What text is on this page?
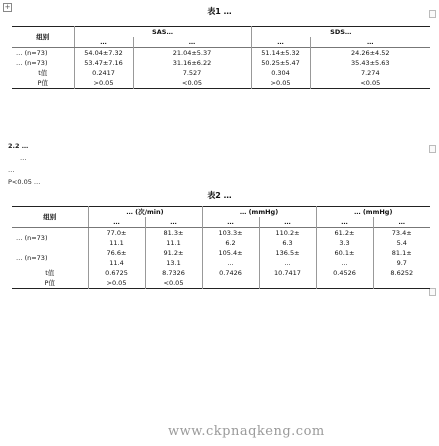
+	表1 …
组别	SAS…		SDS…	
	…	…	…	…
… (n=73)	54.04±7.32	21.04±5.37	51.14±5.32	24.26±4.52
… (n=73)	53.47±7.16	31.16±6.22	50.25±5.47	35.43±5.63
t值	0.2417	7.527	0.304	7.274
P值	>0.05	<0.05	>0.05	<0.05
2.2 …
…
…
P<0.05 …
表2 …
组别	… (次/min)		… (mmHg)		… (mmHg)	
	…	…	…	…	…	…
… (n=73)	77.0±	81.3±	103.3±	110.2±	61.2±	73.4±
	11.1	11.1	6.2	6.3	3.3	5.4
… (n=73)	76.6±	91.2±	105.4±	136.5±	60.1±	81.1±
	11.4	13.1	…	…	…	9.7
t值	0.6725	8.7326	0.7426	10.7417	0.4526	8.6252
P值	>0.05	<0.05				
www.ckpnaqkeng.com
